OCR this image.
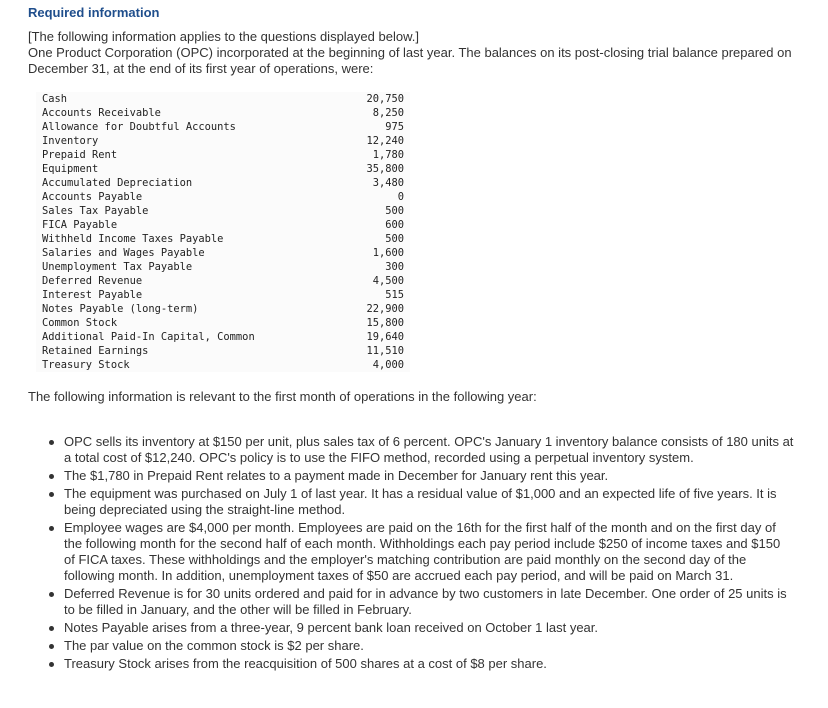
Required information
[The following information applies to the questions displayed below.]
One Product Corporation (OPC) incorporated at the beginning of last year. The balances on its post-closing trial balance prepared on December 31, at the end of its first year of operations, were:
Cash	20,750
Accounts Receivable	8,250
Allowance for Doubtful Accounts	975
Inventory	12,240
Prepaid Rent	1,780
Equipment	35,800
Accumulated Depreciation	3,480
Accounts Payable	0
Sales Tax Payable	500
FICA Payable	600
Withheld Income Taxes Payable	500
Salaries and Wages Payable	1,600
Unemployment Tax Payable	300
Deferred Revenue	4,500
Interest Payable	515
Notes Payable (long-term)	22,900
Common Stock	15,800
Additional Paid-In Capital, Common	19,640
Retained Earnings	11,510
Treasury Stock	4,000
The following information is relevant to the first month of operations in the following year:
OPC sells its inventory at $150 per unit, plus sales tax of 6 percent. OPC's January 1 inventory balance consists of 180 units at a total cost of $12,240. OPC's policy is to use the FIFO method, recorded using a perpetual inventory system.
The $1,780 in Prepaid Rent relates to a payment made in December for January rent this year.
The equipment was purchased on July 1 of last year. It has a residual value of $1,000 and an expected life of five years. It is being depreciated using the straight-line method.
Employee wages are $4,000 per month. Employees are paid on the 16th for the first half of the month and on the first day of the following month for the second half of each month. Withholdings each pay period include $250 of income taxes and $150 of FICA taxes. These withholdings and the employer's matching contribution are paid monthly on the second day of the following month. In addition, unemployment taxes of $50 are accrued each pay period, and will be paid on March 31.
Deferred Revenue is for 30 units ordered and paid for in advance by two customers in late December. One order of 25 units is to be filled in January, and the other will be filled in February.
Notes Payable arises from a three-year, 9 percent bank loan received on October 1 last year.
The par value on the common stock is $2 per share.
Treasury Stock arises from the reacquisition of 500 shares at a cost of $8 per share.
